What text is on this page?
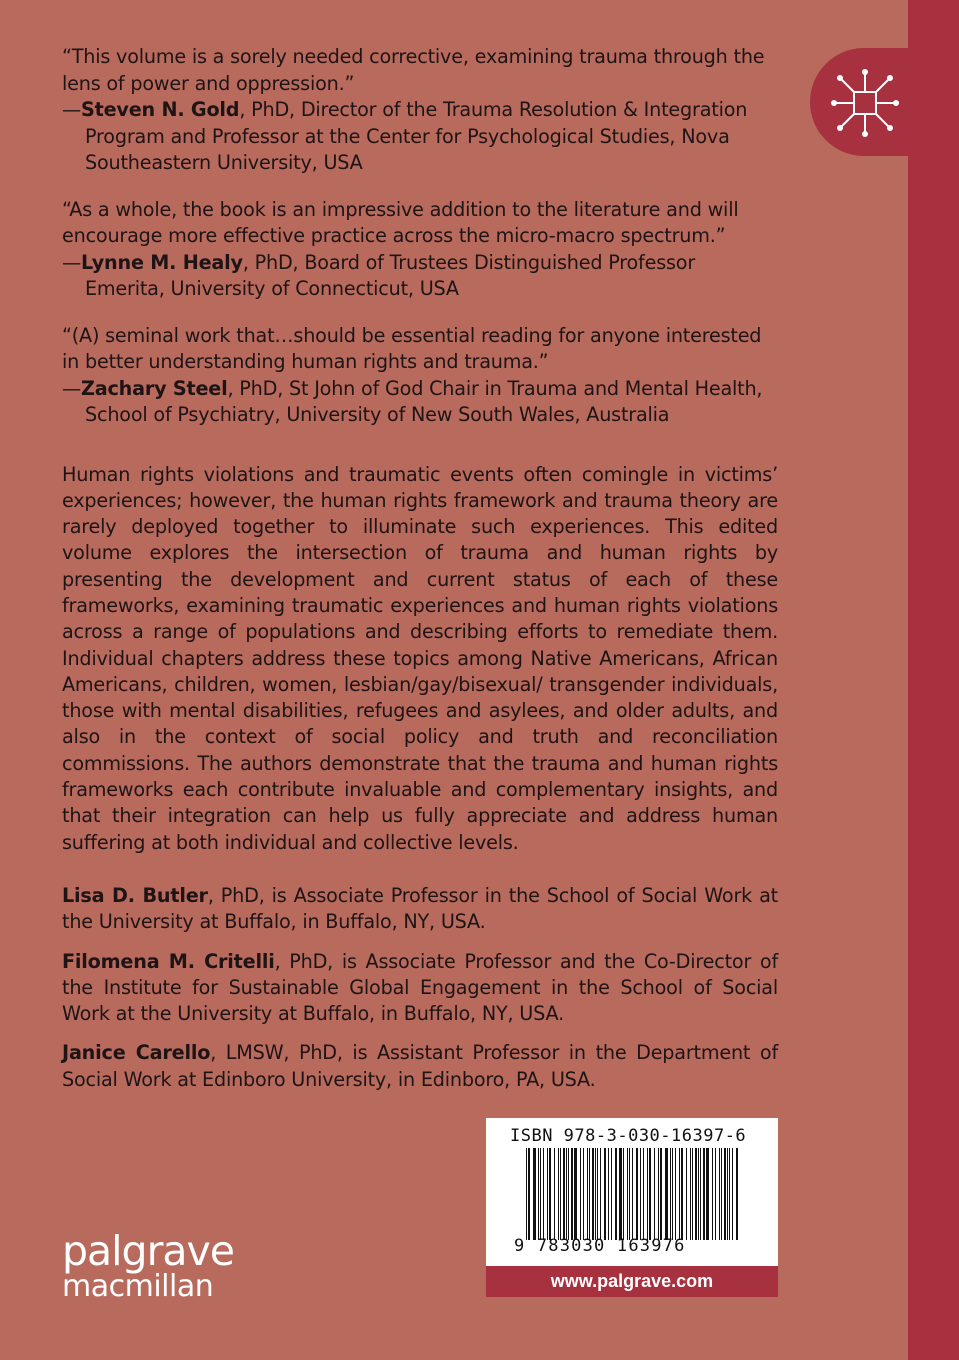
“This volume is a sorely needed corrective, examining trauma through the lens of power and oppression.”

—Steven N. Gold, PhD, Director of the Trauma Resolution & Integration Program and Professor at the Center for Psychological Studies, Nova Southeastern University, USA

“As a whole, the book is an impressive addition to the literature and will encourage more effective practice across the micro-macro spectrum.”

—Lynne M. Healy, PhD, Board of Trustees Distinguished Professor Emerita, University of Connecticut, USA

“(A) seminal work that…should be essential reading for anyone interested in better understanding human rights and trauma.”

—Zachary Steel, PhD, St John of God Chair in Trauma and Mental Health, School of Psychiatry, University of New South Wales, Australia

Human rights violations and traumatic events often comingle in victims’ experiences; however, the human rights framework and trauma theory are rarely deployed together to illuminate such experiences. This edited volume explores the intersection of trauma and human rights by presenting the development and current status of each of these frameworks, examining traumatic experiences and human rights violations across a range of populations and describing efforts to remediate them. Individual chapters address these topics among Native Americans, African Americans, children, women, lesbian/gay/bisexual/ transgender individuals, those with mental disabilities, refugees and asylees, and older adults, and also in the context of social policy and truth and reconciliation commissions. The authors demonstrate that the trauma and human rights frameworks each contribute invaluable and complementary insights, and that their integration can help us fully appreciate and address human suffering at both individual and collective levels.

Lisa D. Butler, PhD, is Associate Professor in the School of Social Work at the University at Buffalo, in Buffalo, NY, USA.

Filomena M. Critelli, PhD, is Associate Professor and the Co-Director of the Institute for Sustainable Global Engagement in the School of Social Work at the University at Buffalo, in Buffalo, NY, USA.

Janice Carello, LMSW, PhD, is Assistant Professor in the Department of Social Work at Edinboro University, in Edinboro, PA, USA.

palgrave
macmillan
ISBN 978-3-030-16397-6
9 783030 163976
www.palgrave.com
